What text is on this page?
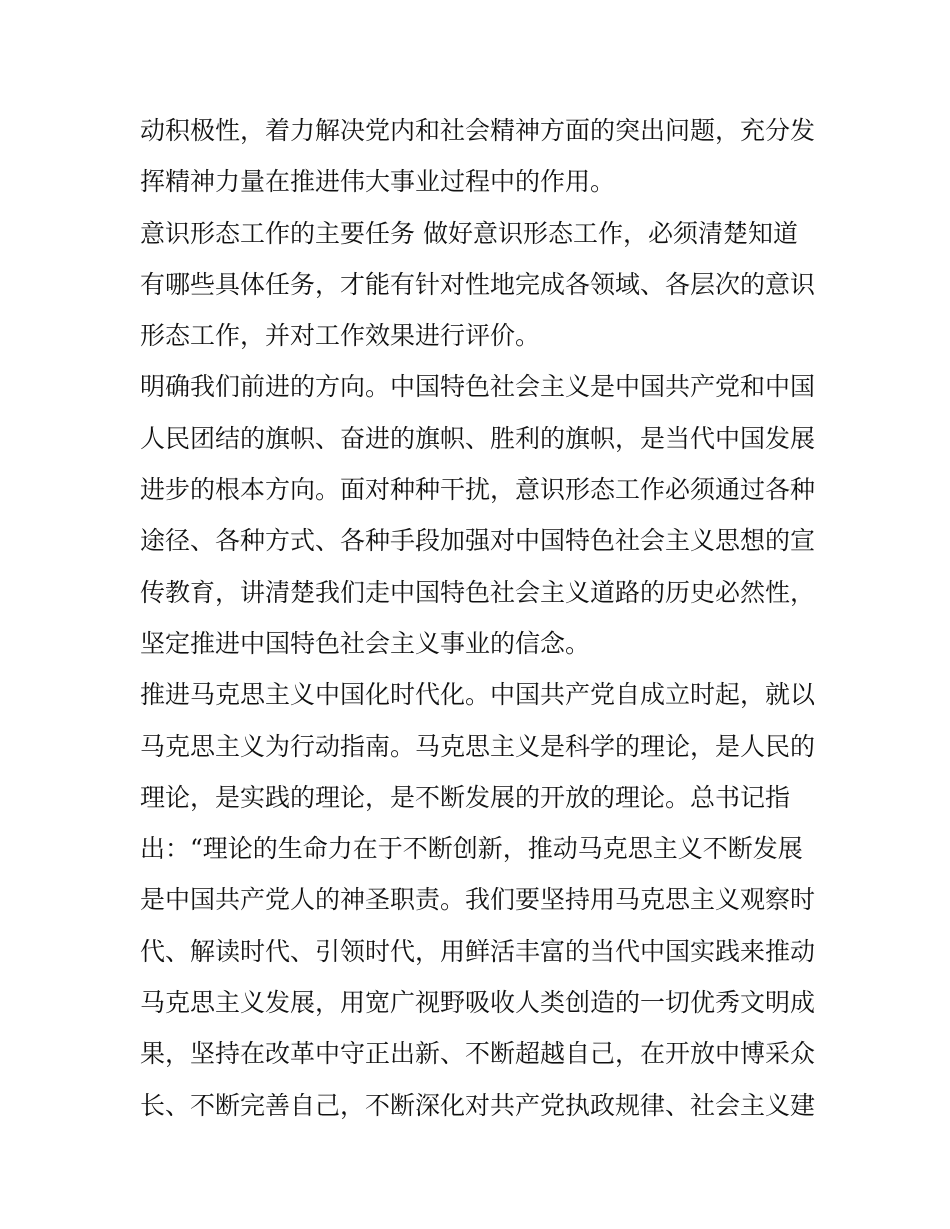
动积极性，着力解决党内和社会精神方面的突出问题，充分发
挥精神力量在推进伟大事业过程中的作用。
意识形态工作的主要任务 做好意识形态工作，必须清楚知道
有哪些具体任务，才能有针对性地完成各领域、各层次的意识
形态工作，并对工作效果进行评价。
明确我们前进的方向。中国特色社会主义是中国共产党和中国
人民团结的旗帜、奋进的旗帜、胜利的旗帜，是当代中国发展
进步的根本方向。面对种种干扰，意识形态工作必须通过各种
途径、各种方式、各种手段加强对中国特色社会主义思想的宣
传教育，讲清楚我们走中国特色社会主义道路的历史必然性，
坚定推进中国特色社会主义事业的信念。
推进马克思主义中国化时代化。中国共产党自成立时起，就以
马克思主义为行动指南。马克思主义是科学的理论，是人民的
理论，是实践的理论，是不断发展的开放的理论。总书记指
出：“理论的生命力在于不断创新，推动马克思主义不断发展
是中国共产党人的神圣职责。我们要坚持用马克思主义观察时
代、解读时代、引领时代，用鲜活丰富的当代中国实践来推动
马克思主义发展，用宽广视野吸收人类创造的一切优秀文明成
果，坚持在改革中守正出新、不断超越自己，在开放中博采众
长、不断完善自己，不断深化对共产党执政规律、社会主义建
